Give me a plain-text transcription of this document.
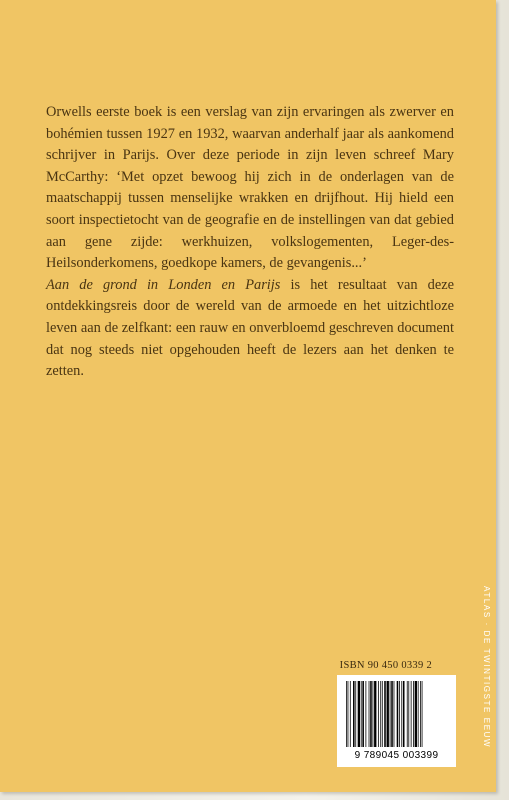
Orwells eerste boek is een verslag van zijn ervaringen als zwerver en bohémien tussen 1927 en 1932, waarvan anderhalf jaar als aankomend schrijver in Parijs. Over deze periode in zijn leven schreef Mary McCarthy: ‘Met opzet bewoog hij zich in de onderlagen van de maatschappij tussen menselijke wrakken en drijfhout. Hij hield een soort inspectietocht van de geografie en de instellingen van dat gebied aan gene zijde: werkhuizen, volkslogementen, Leger-des-Heilsonderkomens, goedkope kamers, de gevangenis...’

Aan de grond in Londen en Parijs is het resultaat van deze ontdekkingsreis door de wereld van de armoede en het uitzichtloze leven aan de zelfkant: een rauw en onverbloemd geschreven document dat nog steeds niet opgehouden heeft de lezers aan het denken te zetten.

ATLAS · DE TWINTIGSTE EEUW
ISBN 90 450 0339 2
9 789045 003399
